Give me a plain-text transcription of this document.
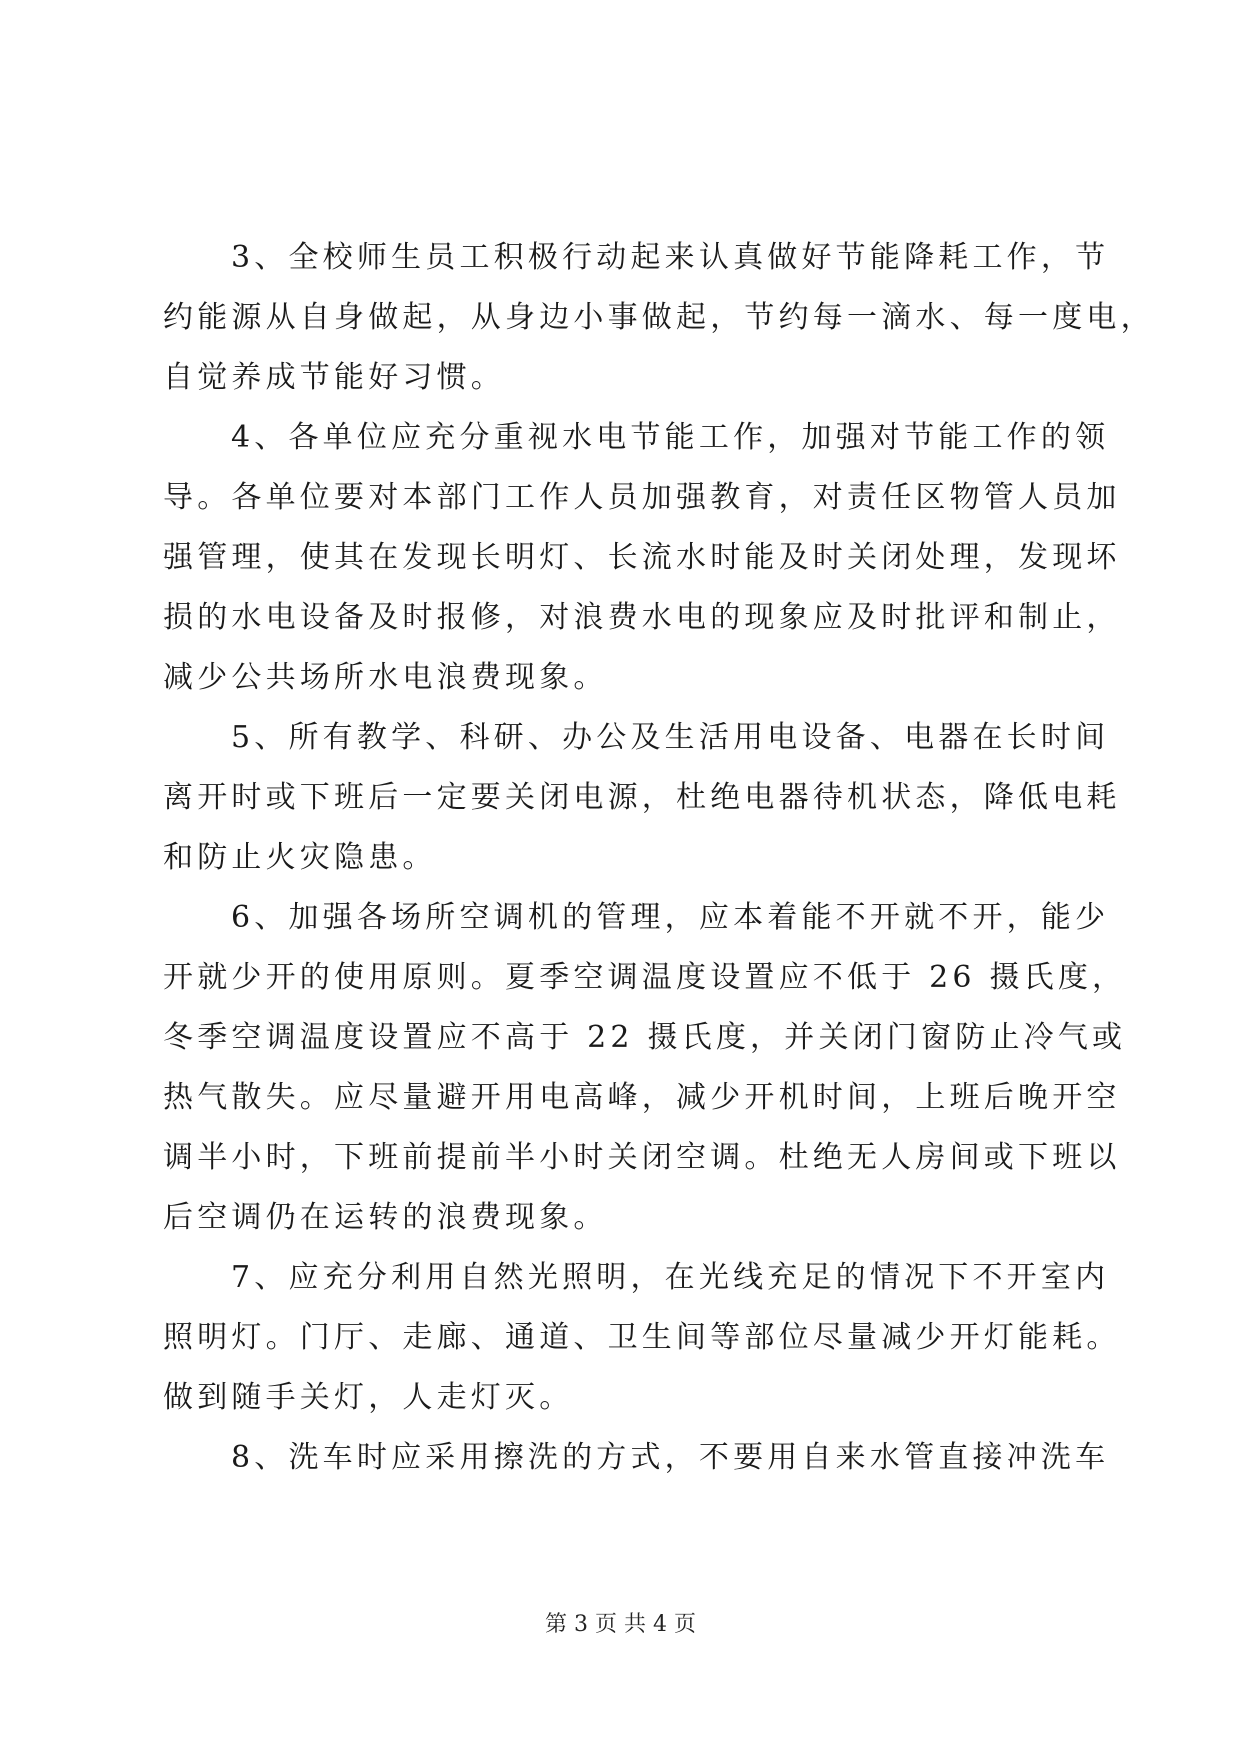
3、全校师生员工积极行动起来认真做好节能降耗工作，节
约能源从自身做起，从身边小事做起，节约每一滴水、每一度电，
自觉养成节能好习惯。
4、各单位应充分重视水电节能工作，加强对节能工作的领
导。各单位要对本部门工作人员加强教育，对责任区物管人员加
强管理，使其在发现长明灯、长流水时能及时关闭处理，发现坏
损的水电设备及时报修，对浪费水电的现象应及时批评和制止，
减少公共场所水电浪费现象。
5、所有教学、科研、办公及生活用电设备、电器在长时间
离开时或下班后一定要关闭电源，杜绝电器待机状态，降低电耗
和防止火灾隐患。
6、加强各场所空调机的管理，应本着能不开就不开，能少
开就少开的使用原则。夏季空调温度设置应不低于 26 摄氏度，
冬季空调温度设置应不高于 22 摄氏度，并关闭门窗防止冷气或
热气散失。应尽量避开用电高峰，减少开机时间，上班后晚开空
调半小时，下班前提前半小时关闭空调。杜绝无人房间或下班以
后空调仍在运转的浪费现象。
7、应充分利用自然光照明，在光线充足的情况下不开室内
照明灯。门厅、走廊、通道、卫生间等部位尽量减少开灯能耗。
做到随手关灯，人走灯灭。
8、洗车时应采用擦洗的方式，不要用自来水管直接冲洗车
第 3 页 共 4 页
